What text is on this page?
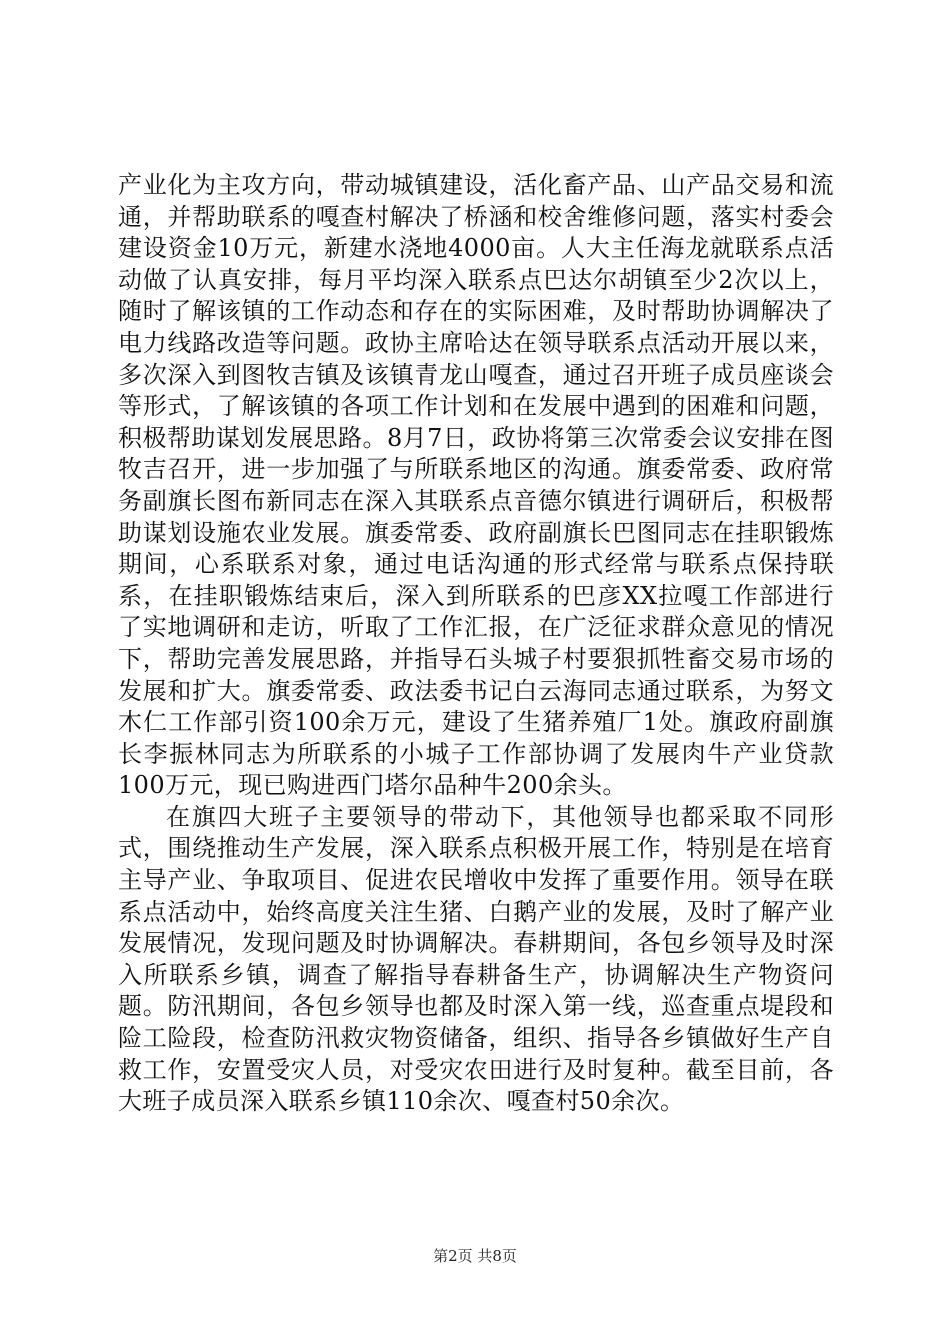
产业化为主攻方向，带动城镇建设，活化畜产品、山产品交易和流通，并帮助联系的嘎查村解决了桥涵和校舍维修问题，落实村委会建设资金10万元，新建水浇地4000亩。人大主任海龙就联系点活动做了认真安排，每月平均深入联系点巴达尔胡镇至少2次以上，随时了解该镇的工作动态和存在的实际困难，及时帮助协调解决了电力线路改造等问题。政协主席哈达在领导联系点活动开展以来，多次深入到图牧吉镇及该镇青龙山嘎查，通过召开班子成员座谈会等形式，了解该镇的各项工作计划和在发展中遇到的困难和问题，积极帮助谋划发展思路。8月7日，政协将第三次常委会议安排在图牧吉召开，进一步加强了与所联系地区的沟通。旗委常委、政府常务副旗长图布新同志在深入其联系点音德尔镇进行调研后，积极帮助谋划设施农业发展。旗委常委、政府副旗长巴图同志在挂职锻炼期间，心系联系对象，通过电话沟通的形式经常与联系点保持联系，在挂职锻炼结束后，深入到所联系的巴彦XX拉嘎工作部进行了实地调研和走访，听取了工作汇报，在广泛征求群众意见的情况下，帮助完善发展思路，并指导石头城子村要狠抓牲畜交易市场的发展和扩大。旗委常委、政法委书记白云海同志通过联系，为努文木仁工作部引资100余万元，建设了生猪养殖厂1处。旗政府副旗长李振林同志为所联系的小城子工作部协调了发展肉牛产业贷款100万元，现已购进西门塔尔品种牛200余头。

在旗四大班子主要领导的带动下，其他领导也都采取不同形式，围绕推动生产发展，深入联系点积极开展工作，特别是在培育主导产业、争取项目、促进农民增收中发挥了重要作用。领导在联系点活动中，始终高度关注生猪、白鹅产业的发展，及时了解产业发展情况，发现问题及时协调解决。春耕期间，各包乡领导及时深入所联系乡镇，调查了解指导春耕备生产，协调解决生产物资问题。防汛期间，各包乡领导也都及时深入第一线，巡查重点堤段和险工险段，检查防汛救灾物资储备，组织、指导各乡镇做好生产自救工作，安置受灾人员，对受灾农田进行及时复种。截至目前，各大班子成员深入联系乡镇110余次、嘎查村50余次。

第2页 共8页
